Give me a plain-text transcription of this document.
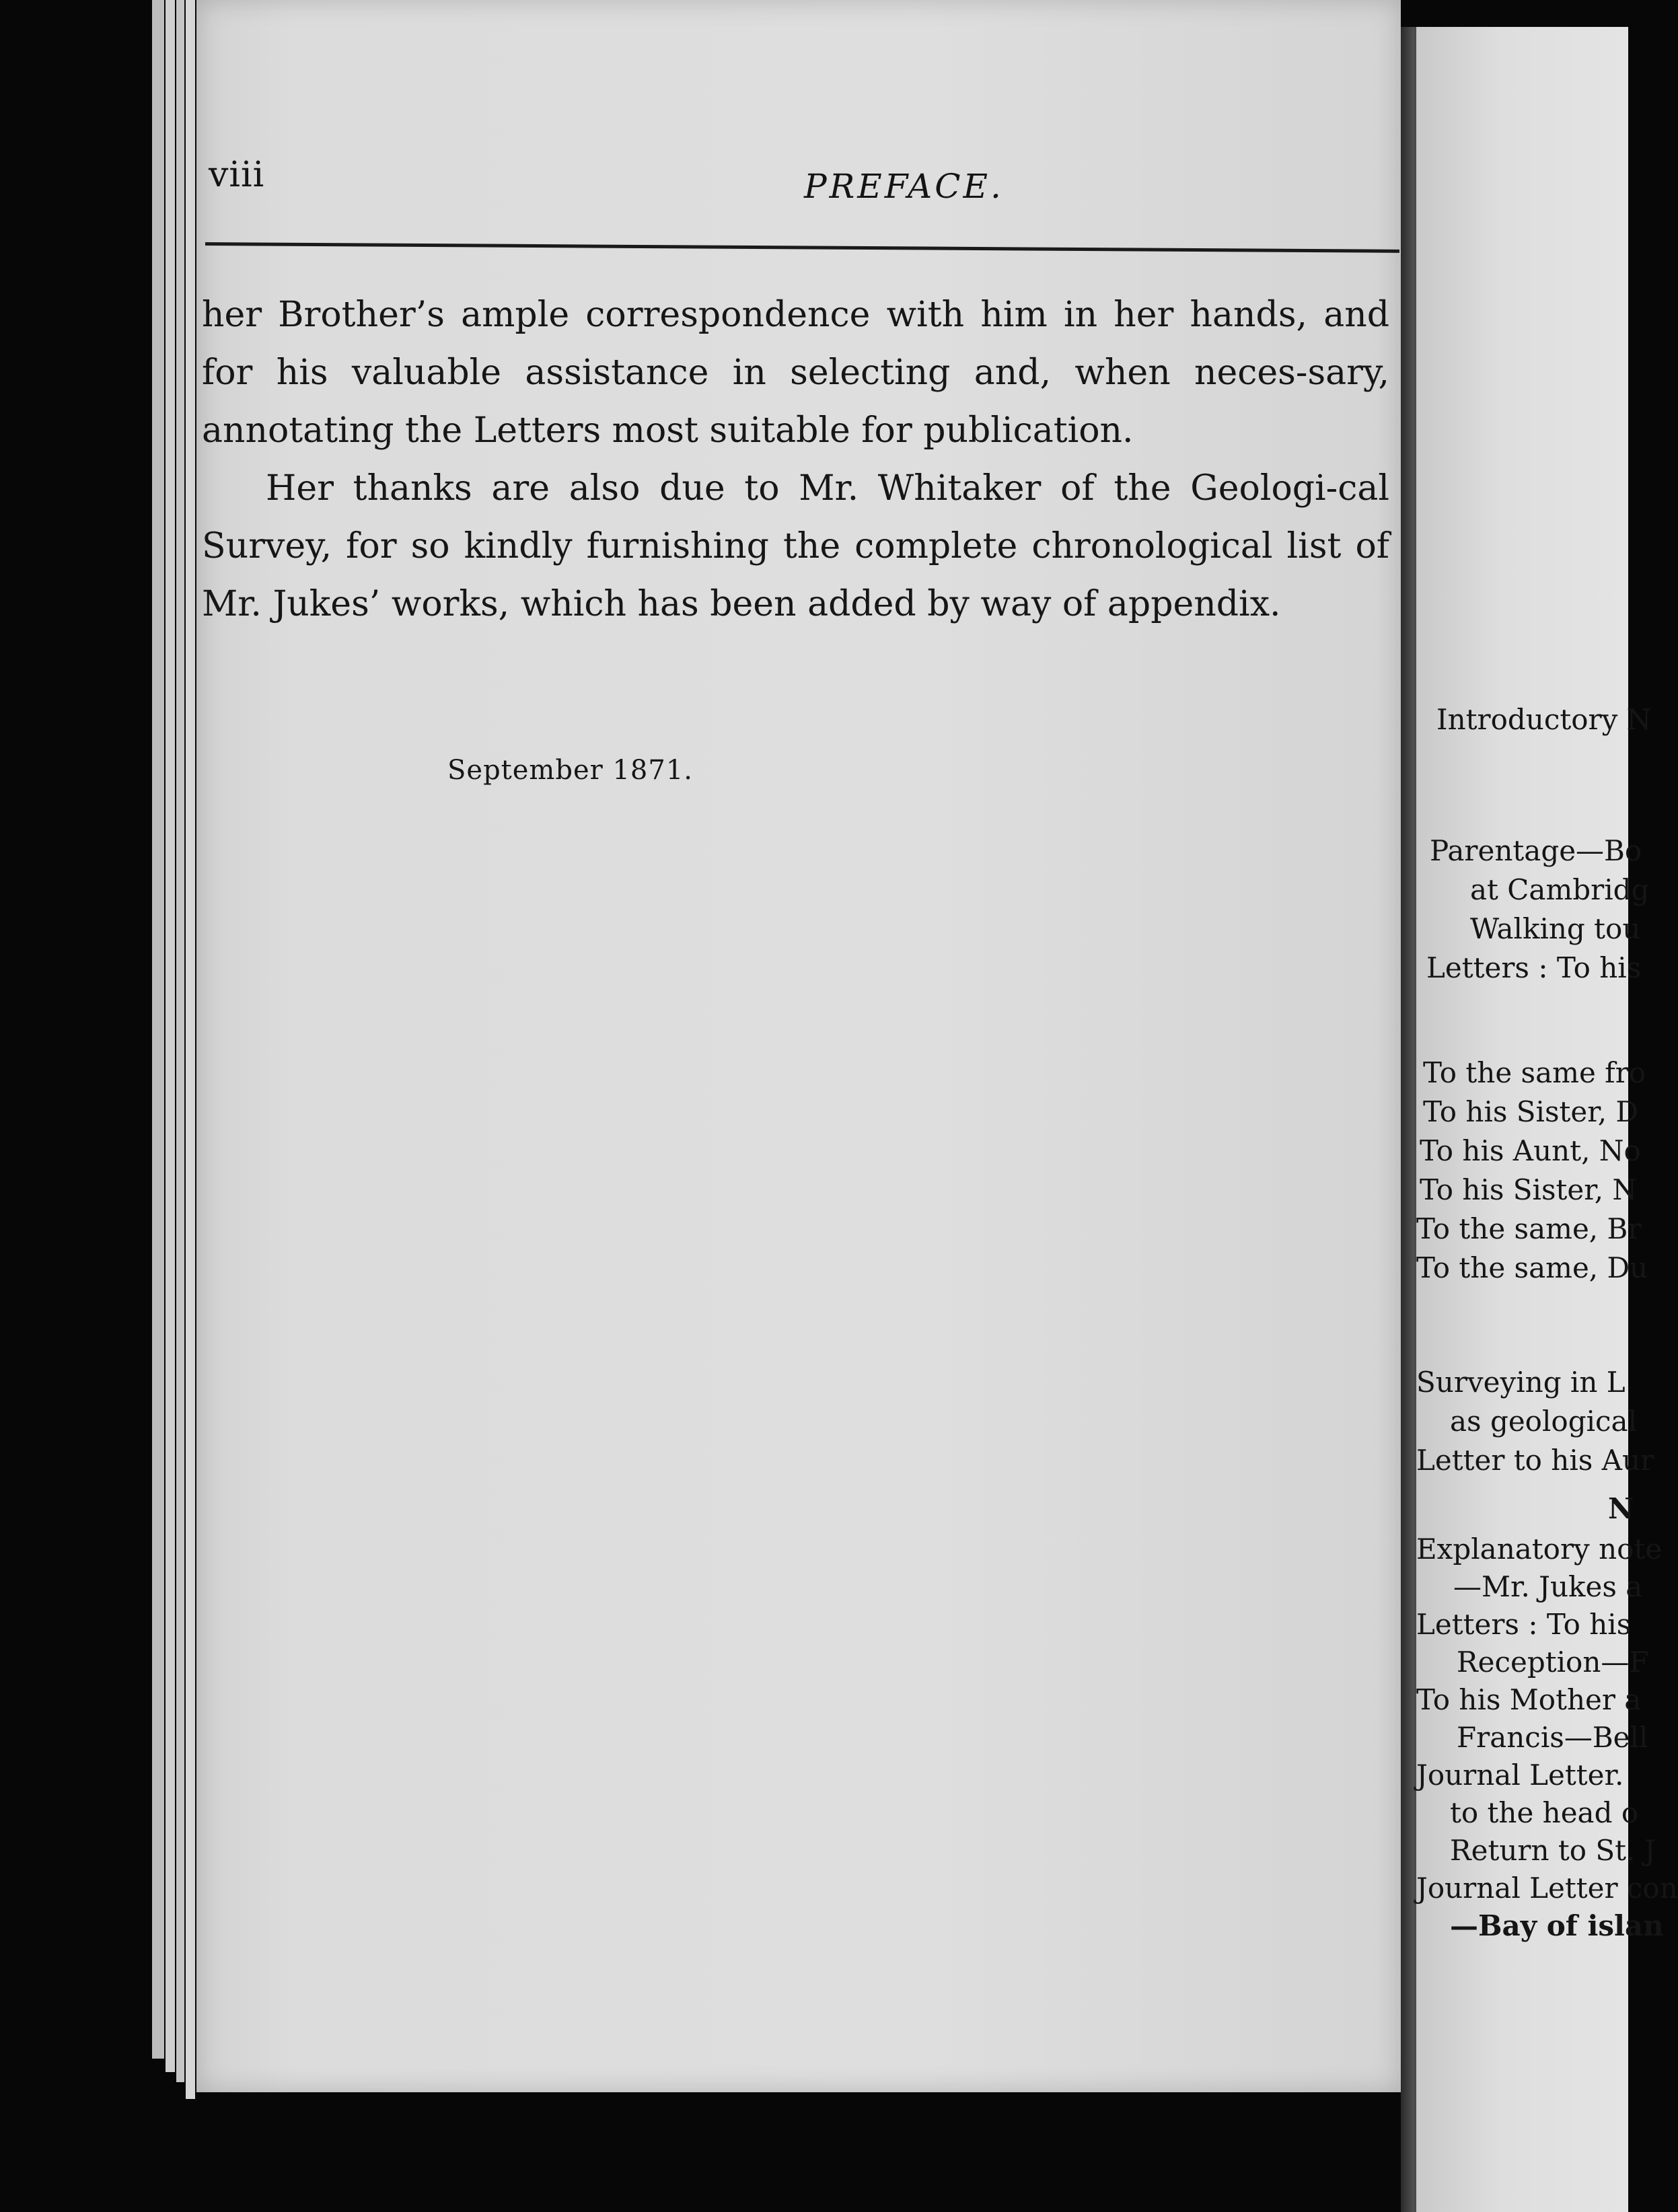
viii	PREFACE.

her Brother’s ample correspondence with him in her hands, and for his valuable assistance in selecting and, when neces-sary, annotating the Letters most suitable for publication.

Her thanks are also due to Mr. Whitaker of the Geologi-cal Survey, for so kindly furnishing the complete chronological list of Mr. Jukes’ works, which has been added by way of appendix.

September 1871.
Introductory N
Parentage—Bo
at Cambridg
Walking tou
Letters : To his
To the same fro
To his Sister, D
To his Aunt, No
To his Sister, N
To the same, Br
To the same, Du
Surveying in L
as geological
Letter to his Aur
N
Explanatory note
—Mr. Jukes a
Letters : To his
Reception—F
To his Mother a
Francis—Bell
Journal Letter.
to the head o
Return to St. J
Journal Letter con
—Bay of islan
